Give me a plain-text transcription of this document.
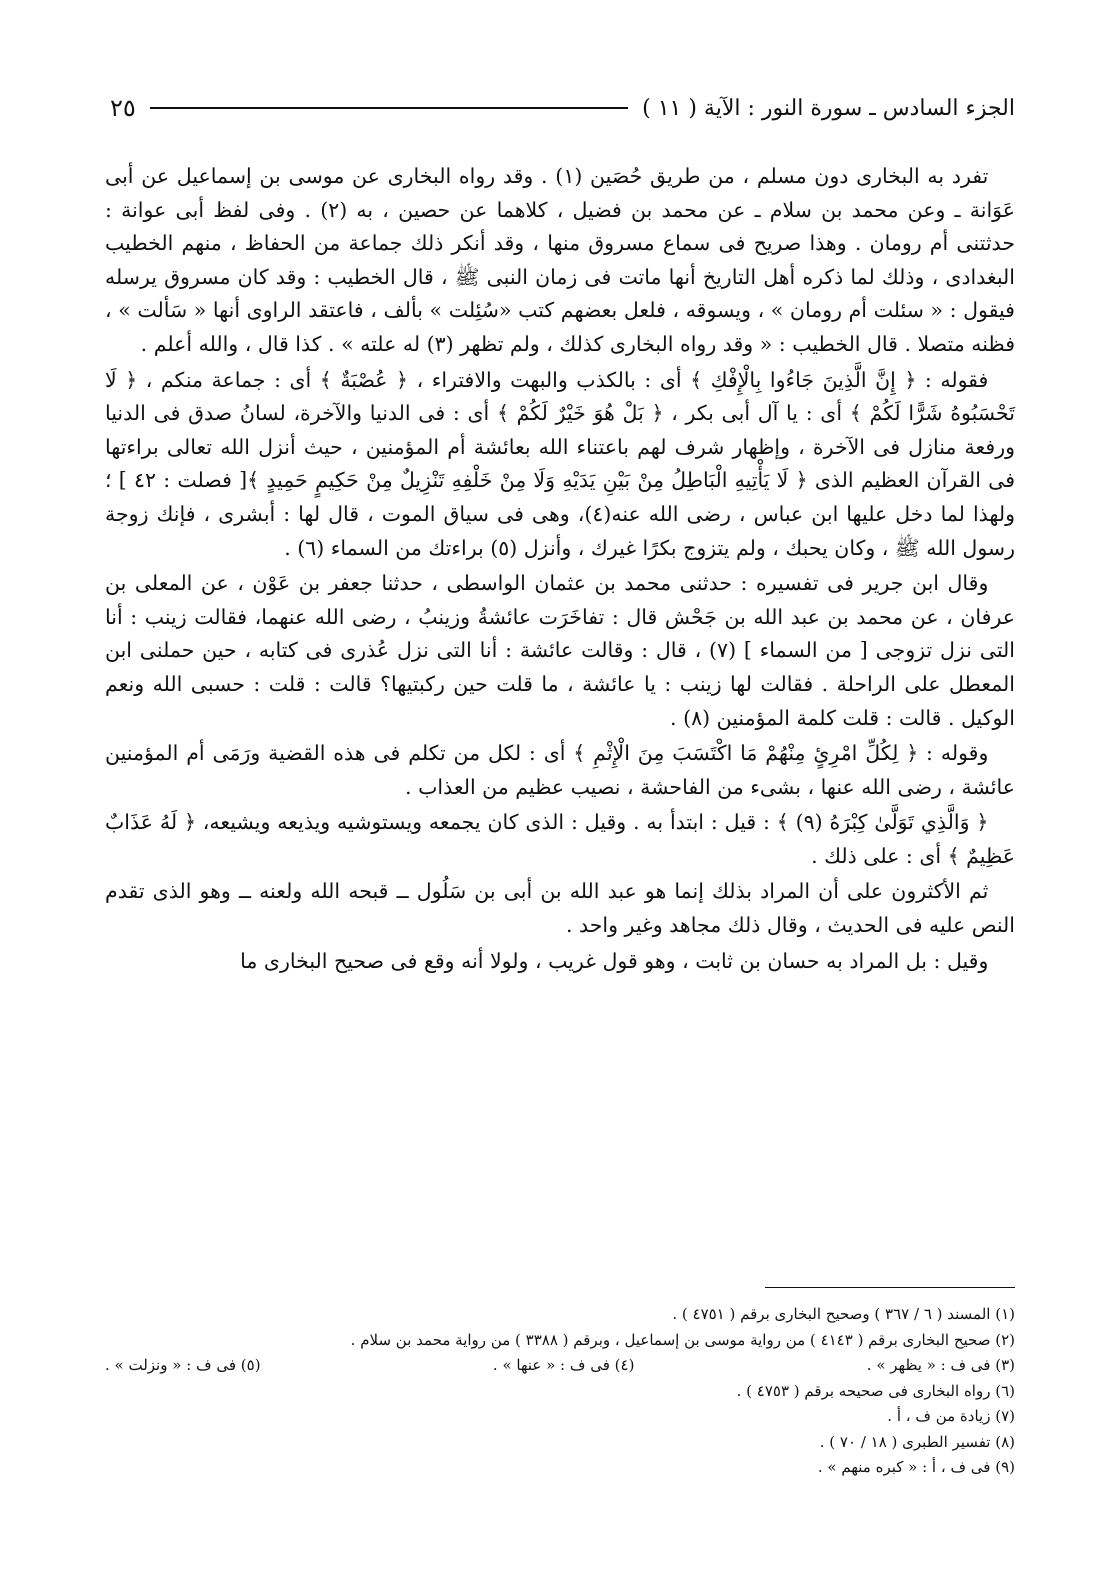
الجزء السادس ـ سورة النور : الآية ( ١١ )
٢٥

تفرد به البخارى دون مسلم ، من طريق حُصَين (١) . وقد رواه البخارى عن موسى بن إسماعيل عن أبى عَوَانة ـ وعن محمد بن سلام ـ عن محمد بن فضيل ، كلاهما عن حصين ، به (٢) . وفى لفظ أبى عوانة : حدثتنى أم رومان . وهذا صريح فى سماع مسروق منها ، وقد أنكر ذلك جماعة من الحفاظ ، منهم الخطيب البغدادى ، وذلك لما ذكره أهل التاريخ أنها ماتت فى زمان النبى ﷺ ، قال الخطيب : وقد كان مسروق يرسله فيقول : « سئلت أم رومان » ، ويسوقه ، فلعل بعضهم كتب «سُئِلت » بألف ، فاعتقد الراوى أنها « سَألت » ، فظنه متصلا . قال الخطيب : « وقد رواه البخارى كذلك ، ولم تظهر (٣) له علته » . كذا قال ، والله أعلم .

فقوله : ﴿ إِنَّ الَّذِينَ جَاءُوا بِالْإِفْكِ ﴾ أى : بالكذب والبهت والافتراء ، ﴿ عُصْبَةٌ ﴾ أى : جماعة منكم ، ﴿ لَا تَحْسَبُوهُ شَرًّا لَكُمْ ﴾ أى : يا آل أبى بكر ، ﴿ بَلْ هُوَ خَيْرٌ لَكُمْ ﴾ أى : فى الدنيا والآخرة، لسانُ صدق فى الدنيا ورفعة منازل فى الآخرة ، وإظهار شرف لهم باعتناء الله بعائشة أم المؤمنين ، حيث أنزل الله تعالى براءتها فى القرآن العظيم الذى ﴿ لَا يَأْتِيهِ الْبَاطِلُ مِنْ بَيْنِ يَدَيْهِ وَلَا مِنْ خَلْفِهِ تَنْزِيلٌ مِنْ حَكِيمٍ حَمِيدٍ ﴾[ فصلت : ٤٢ ] ؛ ولهذا لما دخل عليها ابن عباس ، رضى الله عنه(٤)، وهى فى سياق الموت ، قال لها : أبشرى ، فإنك زوجة رسول الله ﷺ ، وكان يحبك ، ولم يتزوج بكرًا غيرك ، وأنزل (٥) براءتك من السماء (٦) .

وقال ابن جرير فى تفسيره : حدثنى محمد بن عثمان الواسطى ، حدثنا جعفر بن عَوْن ، عن المعلى بن عرفان ، عن محمد بن عبد الله بن جَحْش قال : تفاخَرَت عائشةُ وزينبُ ، رضى الله عنهما، فقالت زينب : أنا التى نزل تزوجى [ من السماء ] (٧) ، قال : وقالت عائشة : أنا التى نزل عُذرى فى كتابه ، حين حملنى ابن المعطل على الراحلة . فقالت لها زينب : يا عائشة ، ما قلت حين ركبتيها؟ قالت : قلت : حسبى الله ونعم الوكيل . قالت : قلت كلمة المؤمنين (٨) .

وقوله : ﴿ لِكُلِّ امْرِئٍ مِنْهُمْ مَا اكْتَسَبَ مِنَ الْإِثْمِ ﴾ أى : لكل من تكلم فى هذه القضية ورَمَى أم المؤمنين عائشة ، رضى الله عنها ، بشىء من الفاحشة ، نصيب عظيم من العذاب .

﴿ وَالَّذِي تَوَلَّىٰ كِبْرَهُ (٩) ﴾ : قيل : ابتدأ به . وقيل : الذى كان يجمعه ويستوشيه ويذيعه ويشيعه، ﴿ لَهُ عَذَابٌ عَظِيمٌ ﴾ أى : على ذلك .

ثم الأكثرون على أن المراد بذلك إنما هو عبد الله بن أبى بن سَلُول ــ قبحه الله ولعنه ــ وهو الذى تقدم النص عليه فى الحديث ، وقال ذلك مجاهد وغير واحد .

وقيل : بل المراد به حسان بن ثابت ، وهو قول غريب ، ولولا أنه وقع فى صحيح البخارى ما

(١) المسند ( ٦ / ٣٦٧ ) وصحيح البخارى برقم ( ٤٧٥١ ) .

(٢) صحيح البخارى برقم ( ٤١٤٣ ) من رواية موسى بن إسماعيل ، وبرقم ( ٣٣٨٨ ) من رواية محمد بن سلام .

(٣) فى ف : « يظهر » .

(٤) فى ف : « عنها » .

(٥) فى ف : « ونزلت » .

(٦) رواه البخارى فى صحيحه برقم ( ٤٧٥٣ ) .

(٧) زيادة من ف ، أ .

(٨) تفسير الطبرى ( ١٨ / ٧٠ ) .

(٩) فى ف ، أ : « كبره منهم » .
